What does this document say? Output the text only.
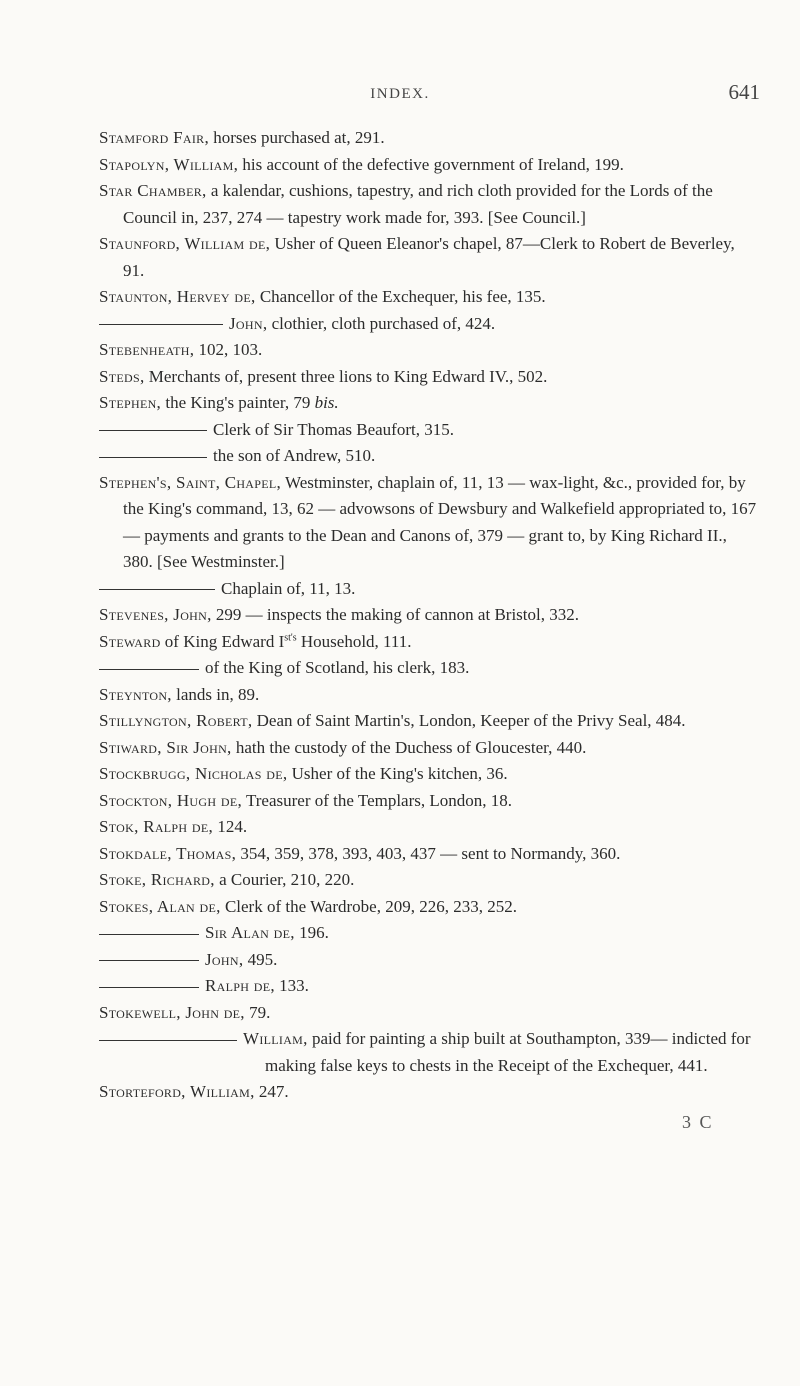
INDEX.	641
Stamford Fair, horses purchased at, 291.
Stapolyn, William, his account of the defective government of Ireland, 199.
Star Chamber, a kalendar, cushions, tapestry, and rich cloth provided for the Lords of the Council in, 237, 274 — tapestry work made for, 393. [See Council.]
Staunford, William de, Usher of Queen Eleanor's chapel, 87—Clerk to Robert de Beverley, 91.
Staunton, Hervey de, Chancellor of the Exchequer, his fee, 135.
John, clothier, cloth purchased of, 424.
Stebenheath, 102, 103.
Steds, Merchants of, present three lions to King Edward IV., 502.
Stephen, the King's painter, 79 bis.
Clerk of Sir Thomas Beaufort, 315.
the son of Andrew, 510.
Stephen's, Saint, Chapel, Westminster, chaplain of, 11, 13 — wax-light, &c., provided for, by the King's command, 13, 62 — advowsons of Dewsbury and Walkefield appropriated to, 167 — payments and grants to the Dean and Canons of, 379 — grant to, by King Richard II., 380. [See Westminster.]
Chaplain of, 11, 13.
Stevenes, John, 299 — inspects the making of cannon at Bristol, 332.
Steward of King Edward $I^{st's}$ Household, 111.
of the King of Scotland, his clerk, 183.
Steynton, lands in, 89.
Stillyngton, Robert, Dean of Saint Martin's, London, Keeper of the Privy Seal, 484.
Stiward, Sir John, hath the custody of the Duchess of Gloucester, 440.
Stockbrugg, Nicholas de, Usher of the King's kitchen, 36.
Stockton, Hugh de, Treasurer of the Templars, London, 18.
Stok, Ralph de, 124.
Stokdale, Thomas, 354, 359, 378, 393, 403, 437 — sent to Normandy, 360.
Stoke, Richard, a Courier, 210, 220.
Stokes, Alan de, Clerk of the Wardrobe, 209, 226, 233, 252.
Sir Alan de, 196.
John, 495.
Ralph de, 133.
Stokewell, John de, 79.
William, paid for painting a ship built at Southampton, 339— indicted for making false keys to chests in the Receipt of the Exchequer, 441.
Storteford, William, 247.
3 C
